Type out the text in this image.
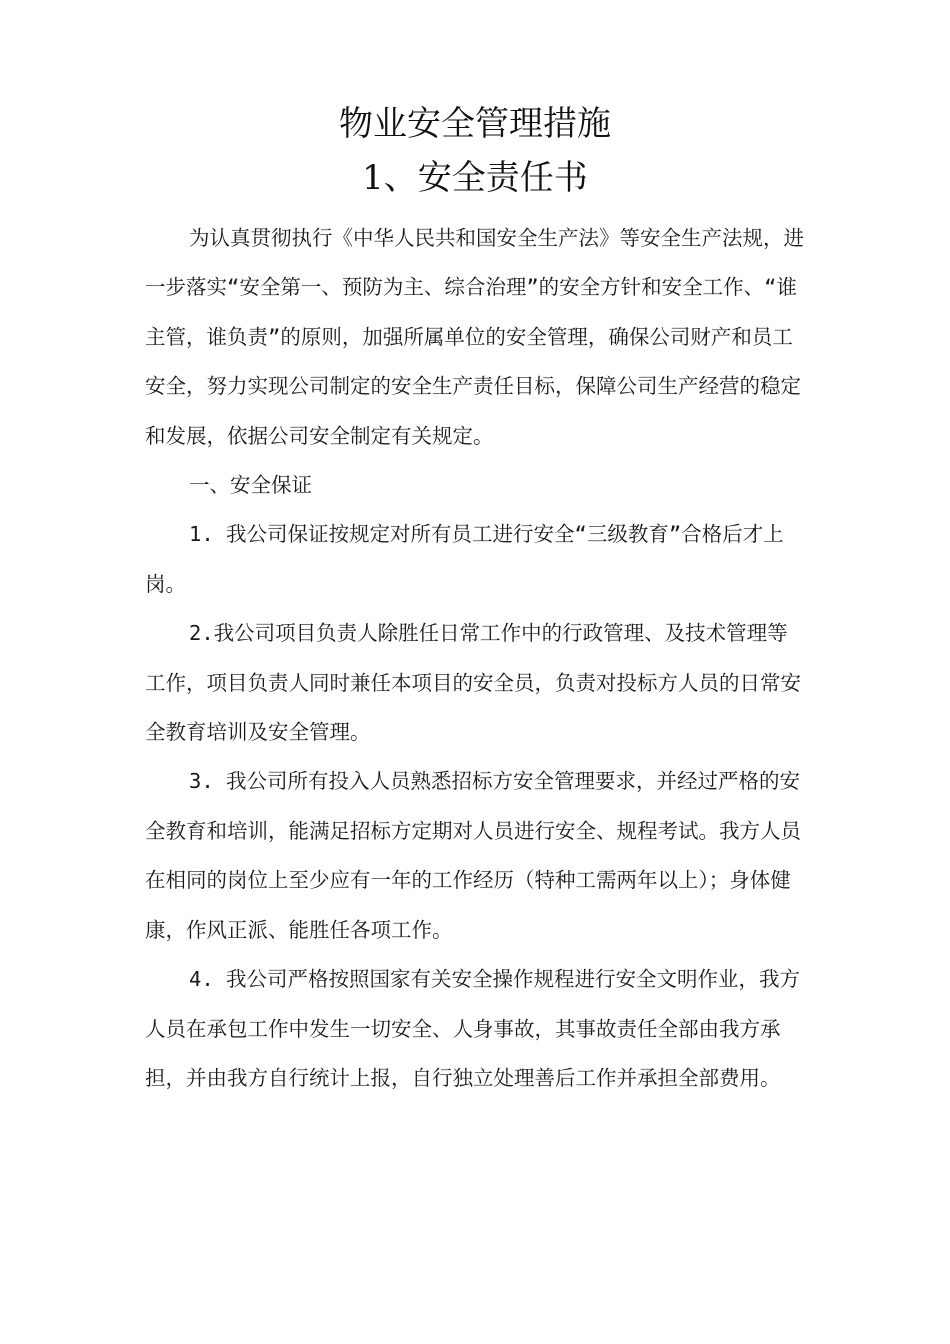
物业安全管理措施
1、安全责任书

为认真贯彻执行《中华人民共和国安全生产法》等安全生产法规，进一步落实“安全第一、预防为主、综合治理”的安全方针和安全工作、“谁主管，谁负责”的原则，加强所属单位的安全管理，确保公司财产和员工安全，努力实现公司制定的安全生产责任目标，保障公司生产经营的稳定和发展，依据公司安全制定有关规定。

一、安全保证

1. 我公司保证按规定对所有员工进行安全“三级教育”合格后才上岗。

2.我公司项目负责人除胜任日常工作中的行政管理、及技术管理等工作，项目负责人同时兼任本项目的安全员，负责对投标方人员的日常安全教育培训及安全管理。

3. 我公司所有投入人员熟悉招标方安全管理要求，并经过严格的安全教育和培训，能满足招标方定期对人员进行安全、规程考试。我方人员在相同的岗位上至少应有一年的工作经历（特种工需两年以上）；身体健康，作风正派、能胜任各项工作。

4. 我公司严格按照国家有关安全操作规程进行安全文明作业，我方人员在承包工作中发生一切安全、人身事故，其事故责任全部由我方承担，并由我方自行统计上报，自行独立处理善后工作并承担全部费用。
